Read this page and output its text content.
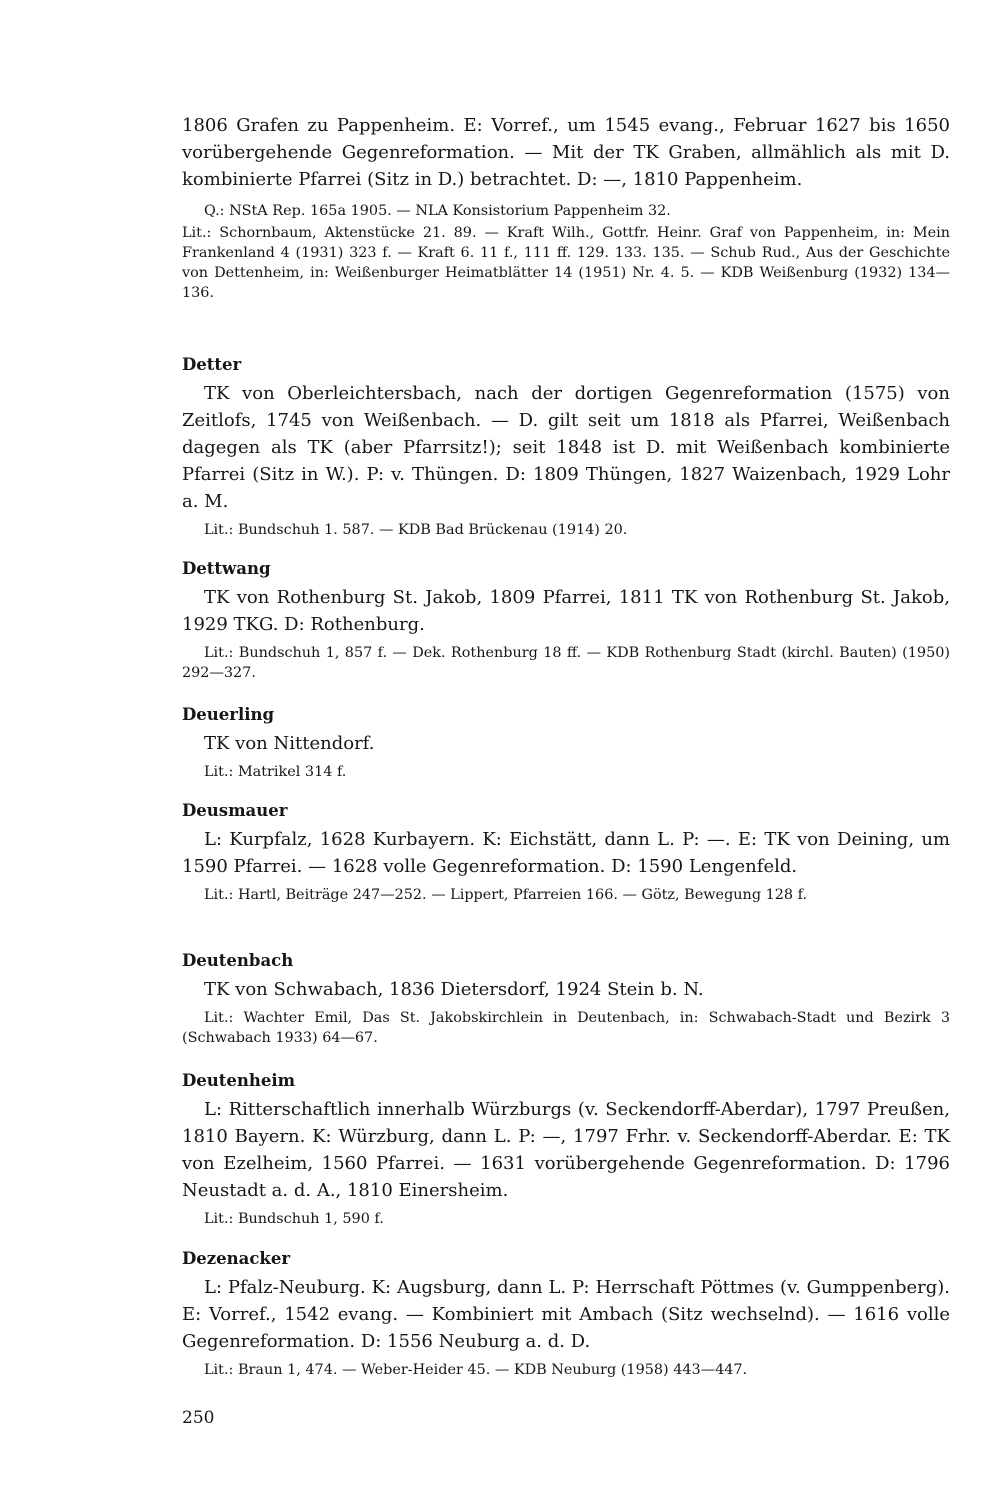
1806 Grafen zu Pappenheim. E: Vorref., um 1545 evang., Februar 1627 bis 1650 vorübergehende Gegenreformation. — Mit der TK Graben, allmählich als mit D. kombinierte Pfarrei (Sitz in D.) betrachtet. D: —, 1810 Pappenheim.

Q.: NStA Rep. 165a 1905. — NLA Konsistorium Pappenheim 32.

Lit.: Schornbaum, Aktenstücke 21. 89. — Kraft Wilh., Gottfr. Heinr. Graf von Pappenheim, in: Mein Frankenland 4 (1931) 323 f. — Kraft 6. 11 f., 111 ff. 129. 133. 135. — Schub Rud., Aus der Geschichte von Dettenheim, in: Weißenburger Heimatblätter 14 (1951) Nr. 4. 5. — KDB Weißenburg (1932) 134—136.

Detter

TK von Oberleichtersbach, nach der dortigen Gegenreformation (1575) von Zeitlofs, 1745 von Weißenbach. — D. gilt seit um 1818 als Pfarrei, Weißenbach dagegen als TK (aber Pfarrsitz!); seit 1848 ist D. mit Weißenbach kombinierte Pfarrei (Sitz in W.). P: v. Thüngen. D: 1809 Thüngen, 1827 Waizenbach, 1929 Lohr a. M.

Lit.: Bundschuh 1. 587. — KDB Bad Brückenau (1914) 20.

Dettwang

TK von Rothenburg St. Jakob, 1809 Pfarrei, 1811 TK von Rothenburg St. Jakob, 1929 TKG. D: Rothenburg.

Lit.: Bundschuh 1, 857 f. — Dek. Rothenburg 18 ff. — KDB Rothenburg Stadt (kirchl. Bauten) (1950) 292—327.

Deuerling

TK von Nittendorf.

Lit.: Matrikel 314 f.

Deusmauer

L: Kurpfalz, 1628 Kurbayern. K: Eichstätt, dann L. P: —. E: TK von Deining, um 1590 Pfarrei. — 1628 volle Gegenreformation. D: 1590 Lengenfeld.

Lit.: Hartl, Beiträge 247—252. — Lippert, Pfarreien 166. — Götz, Bewegung 128 f.

Deutenbach

TK von Schwabach, 1836 Dietersdorf, 1924 Stein b. N.

Lit.: Wachter Emil, Das St. Jakobskirchlein in Deutenbach, in: Schwabach-Stadt und Bezirk 3 (Schwabach 1933) 64—67.

Deutenheim

L: Ritterschaftlich innerhalb Würzburgs (v. Seckendorff-Aberdar), 1797 Preußen, 1810 Bayern. K: Würzburg, dann L. P: —, 1797 Frhr. v. Seckendorff-Aberdar. E: TK von Ezelheim, 1560 Pfarrei. — 1631 vorübergehende Gegenreformation. D: 1796 Neustadt a. d. A., 1810 Einersheim.

Lit.: Bundschuh 1, 590 f.

Dezenacker

L: Pfalz-Neuburg. K: Augsburg, dann L. P: Herrschaft Pöttmes (v. Gumppenberg). E: Vorref., 1542 evang. — Kombiniert mit Ambach (Sitz wechselnd). — 1616 volle Gegenreformation. D: 1556 Neuburg a. d. D.

Lit.: Braun 1, 474. — Weber-Heider 45. — KDB Neuburg (1958) 443—447.

250
